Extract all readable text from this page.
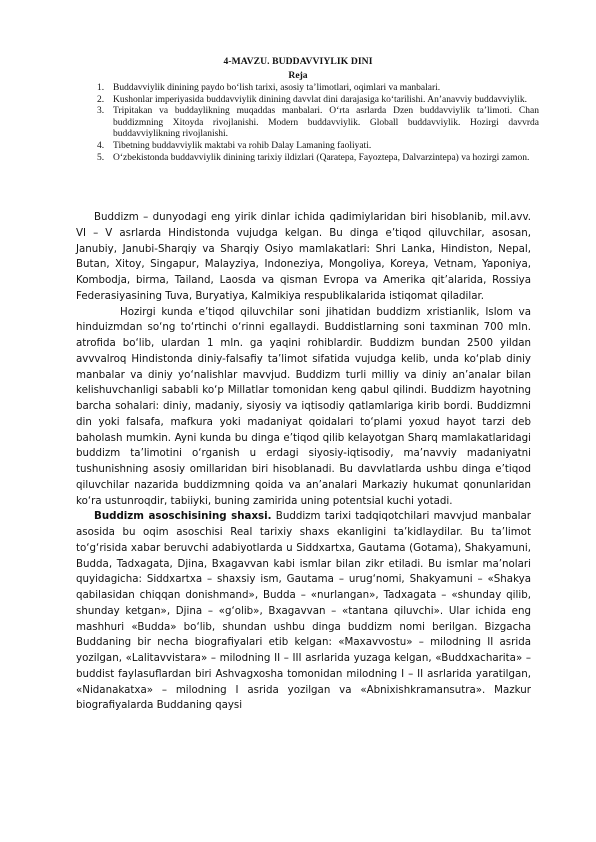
4-MAVZU. BUDDAVVIYLIK DINI
Reja
1. Buddavviylik dinining paydo bo‘lish tarixi, asosiy ta’limotlari, oqimlari va manbalari.
2. Kushonlar imperiyasida buddavviylik dinining davvlat dini darajasiga ko‘tarilishi. An’anavviy buddavviylik.
3. Tripitakan va buddaylikning muqaddas manbalari. O‘rta asrlarda Dzen buddavviylik ta’limoti. Chan buddizmning Xitoyda rivojlanishi. Modern buddavviylik. Globall buddavviylik. Hozirgi davvrda buddavviylikning rivojlanishi.
4. Tibetning buddavviylik maktabi va rohib Dalay Lamaning faoliyati.
5. O‘zbekistonda buddavviylik dinining tarixiy ildizlari (Qaratepa, Fayoztepa, Dalvarzintepa) va hozirgi zamon.

Buddizm – dunyodagi eng yirik dinlar ichida qadimiylaridan biri hisoblanib, mil.avv. VI – V asrlarda Hindistonda vujudga kelgan. Bu dinga e’tiqod qiluvchilar, asosan, Janubiy, Janubi-Sharqiy va Sharqiy Osiyo mamlakatlari: Shri Lanka, Hindiston, Nepal, Butan, Xitoy, Singapur, Malayziya, Indoneziya, Mongoliya, Koreya, Vetnam, Yaponiya, Kombodja, birma, Tailand, Laosda va qisman Evropa va Amerika qit’alarida, Rossiya Federasiyasining Tuva, Buryatiya, Kalmikiya respublikalarida istiqomat qiladilar.

Hozirgi kunda e’tiqod qiluvchilar soni jihatidan buddizm xristianlik, Islom va hinduizmdan so‘ng to‘rtinchi o‘rinni egallaydi. Buddistlarning soni taxminan 700 mln. atrofida bo‘lib, ulardan 1 mln. ga yaqini rohiblardir. Buddizm bundan 2500 yildan avvvalroq Hindistonda diniy-falsafiy ta’limot sifatida vujudga kelib, unda ko‘plab diniy manbalar va diniy yo‘nalishlar mavvjud. Buddizm turli milliy va diniy an’analar bilan kelishuvchanligi sababli ko‘p Millatlar tomonidan keng qabul qilindi. Buddizm hayotning barcha sohalari: diniy, madaniy, siyosiy va iqtisodiy qatlamlariga kirib bordi. Buddizmni din yoki falsafa, mafkura yoki madaniyat qoidalari to‘plami yoxud hayot tarzi deb baholash mumkin. Ayni kunda bu dinga e’tiqod qilib kelayotgan Sharq mamlakatlaridagi buddizm ta’limotini o‘rganish u erdagi siyosiy-iqtisodiy, ma’navviy madaniyatni tushunishning asosiy omillaridan biri hisoblanadi. Bu davvlatlarda ushbu dinga e’tiqod qiluvchilar nazarida buddizmning qoida va an’analari Markaziy hukumat qonunlaridan ko‘ra ustunroqdir, tabiiyki, buning zamirida uning potentsial kuchi yotadi.

Buddizm asoschisining shaxsi. Buddizm tarixi tadqiqotchilari mavvjud manbalar asosida bu oqim asoschisi Real tarixiy shaxs ekanligini ta’kidlaydilar. Bu ta’limot to‘g‘risida xabar beruvchi adabiyotlarda u Siddxartxa, Gautama (Gotama), Shakyamuni, Budda, Tadxagata, Djina, Bxagavvan kabi ismlar bilan zikr etiladi. Bu ismlar ma’nolari quyidagicha: Siddxartxa – shaxsiy ism, Gautama – urug‘nomi, Shakyamuni – «Shakya qabilasidan chiqqan donishmand», Budda – «nurlangan», Tadxagata – «shunday qilib, shunday ketgan», Djina – «g‘olib», Bxagavvan – «tantana qiluvchi». Ular ichida eng mashhuri «Budda» bo‘lib, shundan ushbu dinga buddizm nomi berilgan. Bizgacha Buddaning bir necha biografiyalari etib kelgan: «Maxavvostu» – milodning II asrida yozilgan, «Lalitavvistara» – milodning II – III asrlarida yuzaga kelgan, «Buddxacharita» – buddist faylasuflardan biri Ashvagxosha tomonidan milodning I – II asrlarida yaratilgan, «Nidanakatxa» – milodning I asrida yozilgan va «Abnixishkramansutra». Mazkur biografiyalarda Buddaning qaysi
